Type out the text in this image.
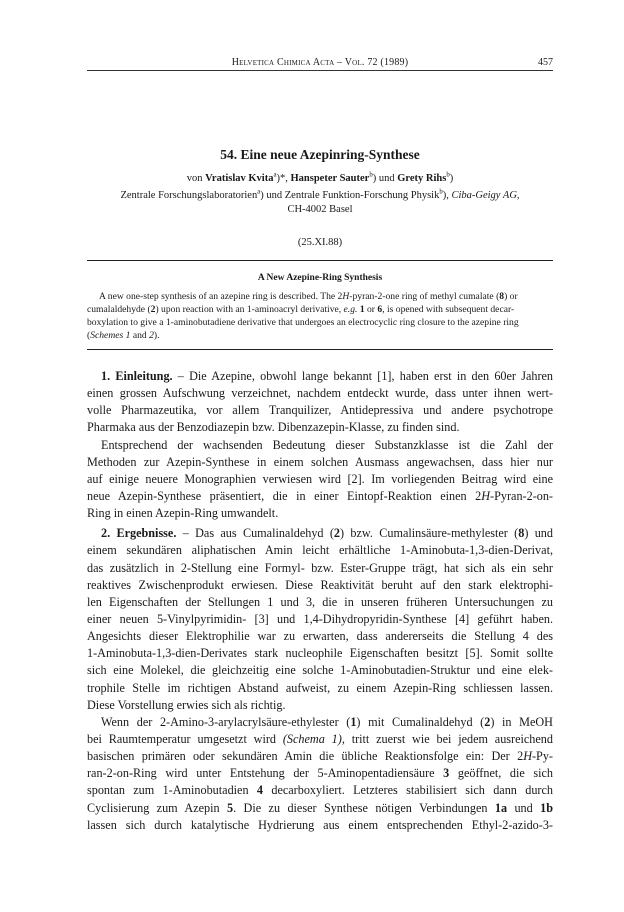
Helvetica Chimica Acta – Vol. 72 (1989)	457
54. Eine neue Azepinring-Synthese
von Vratislav Kvita$^a$)*, Hanspeter Sauter$^b$) und Grety Rihs$^b$)
Zentrale Forschungslaboratorien$^a$) und Zentrale Funktion-Forschung Physik$^b$), Ciba-Geigy AG,
CH-4002 Basel
(25.XI.88)
A New Azepine-Ring Synthesis
A new one-step synthesis of an azepine ring is described. The 2H-pyran-2-one ring of methyl cumalate (8) or
cumalaldehyde (2) upon reaction with an 1-aminoacryl derivative, e.g. 1 or 6, is opened with subsequent decar-
boxylation to give a 1-aminobutadiene derivative that undergoes an electrocyclic ring closure to the azepine ring
(Schemes 1 and 2).
1. Einleitung. – Die Azepine, obwohl lange bekannt [1], haben erst in den 60er Jahren
einen grossen Aufschwung verzeichnet, nachdem entdeckt wurde, dass unter ihnen wert-
volle Pharmazeutika, vor allem Tranquilizer, Antidepressiva und andere psychotrope
Pharmaka aus der Benzodiazepin bzw. Dibenzazepin-Klasse, zu finden sind.
Entsprechend der wachsenden Bedeutung dieser Substanzklasse ist die Zahl der
Methoden zur Azepin-Synthese in einem solchen Ausmass angewachsen, dass hier nur
auf einige neuere Monographien verwiesen wird [2]. Im vorliegenden Beitrag wird eine
neue Azepin-Synthese präsentiert, die in einer Eintopf-Reaktion einen 2H-Pyran-2-on-
Ring in einen Azepin-Ring umwandelt.
2. Ergebnisse. – Das aus Cumalinaldehyd (2) bzw. Cumalinsäure-methylester (8) und
einem sekundären aliphatischen Amin leicht erhältliche 1-Aminobuta-1,3-dien-Derivat,
das zusätzlich in 2-Stellung eine Formyl- bzw. Ester-Gruppe trägt, hat sich als ein sehr
reaktives Zwischenprodukt erwiesen. Diese Reaktivität beruht auf den stark elektrophi-
len Eigenschaften der Stellungen 1 und 3, die in unseren früheren Untersuchungen zu
einer neuen 5-Vinylpyrimidin- [3] und 1,4-Dihydropyridin-Synthese [4] geführt haben.
Angesichts dieser Elektrophilie war zu erwarten, dass andererseits die Stellung 4 des
1-Aminobuta-1,3-dien-Derivates stark nucleophile Eigenschaften besitzt [5]. Somit sollte
sich eine Molekel, die gleichzeitig eine solche 1-Aminobutadien-Struktur und eine elek-
trophile Stelle im richtigen Abstand aufweist, zu einem Azepin-Ring schliessen lassen.
Diese Vorstellung erwies sich als richtig.
Wenn der 2-Amino-3-arylacrylsäure-ethylester (1) mit Cumalinaldehyd (2) in MeOH
bei Raumtemperatur umgesetzt wird (Schema 1), tritt zuerst wie bei jedem ausreichend
basischen primären oder sekundären Amin die übliche Reaktionsfolge ein: Der 2H-Py-
ran-2-on-Ring wird unter Entstehung der 5-Aminopentadiensäure 3 geöffnet, die sich
spontan zum 1-Aminobutadien 4 decarboxyliert. Letzteres stabilisiert sich dann durch
Cyclisierung zum Azepin 5. Die zu dieser Synthese nötigen Verbindungen 1a und 1b
lassen sich durch katalytische Hydrierung aus einem entsprechenden Ethyl-2-azido-3-
